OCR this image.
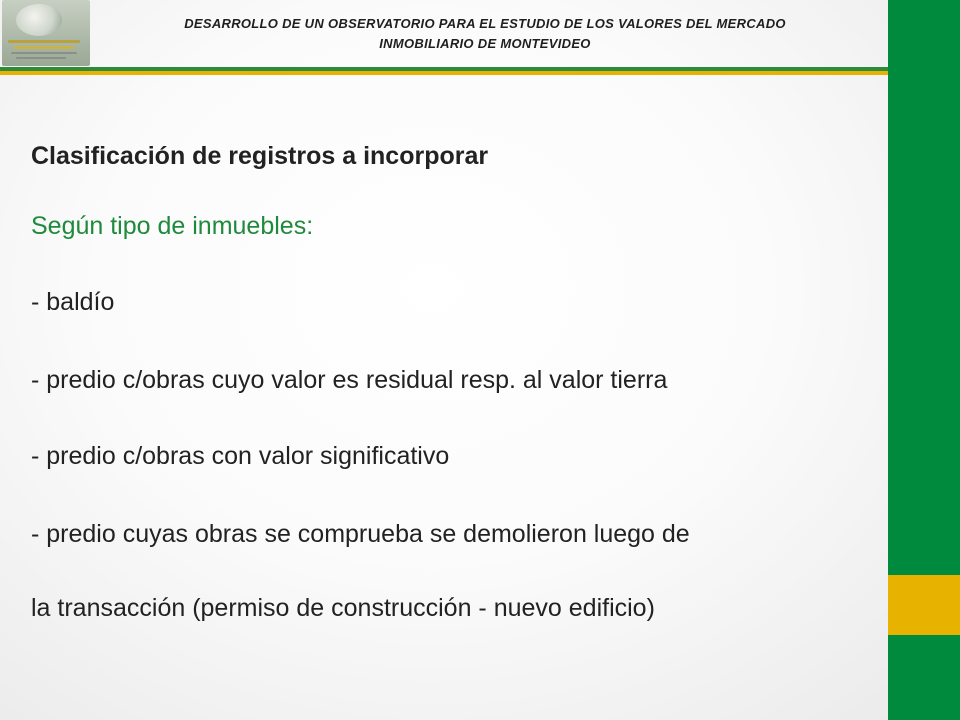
DESARROLLO DE UN OBSERVATORIO PARA EL ESTUDIO DE LOS VALORES DEL MERCADO
INMOBILIARIO DE MONTEVIDEO
Clasificación de registros a incorporar
Según tipo de inmuebles:
- baldío
- predio c/obras cuyo valor es residual resp. al valor tierra
- predio c/obras con valor significativo
- predio cuyas obras se comprueba se demolieron luego de
la transacción (permiso de construcción - nuevo edificio)
